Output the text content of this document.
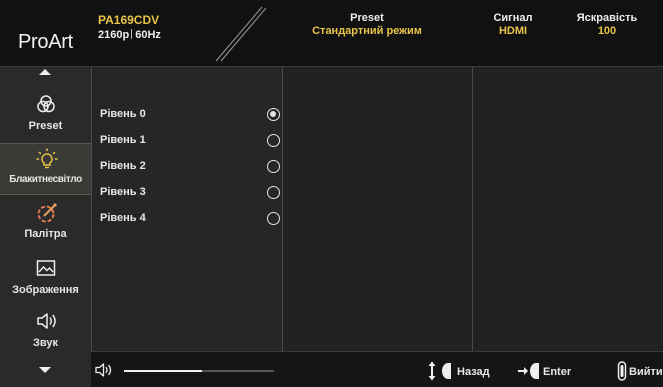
ProArt
PA169CDV
2160p 60Hz
Preset
Стандартний режим
Сигнал
HDMI
Яскравість
100
Preset
Блакитнесвітло
Палітра
Зображення
Звук
Рівень 0
Рівень 1
Рівень 2
Рівень 3
Рівень 4
Назад	Enter	Вийти
